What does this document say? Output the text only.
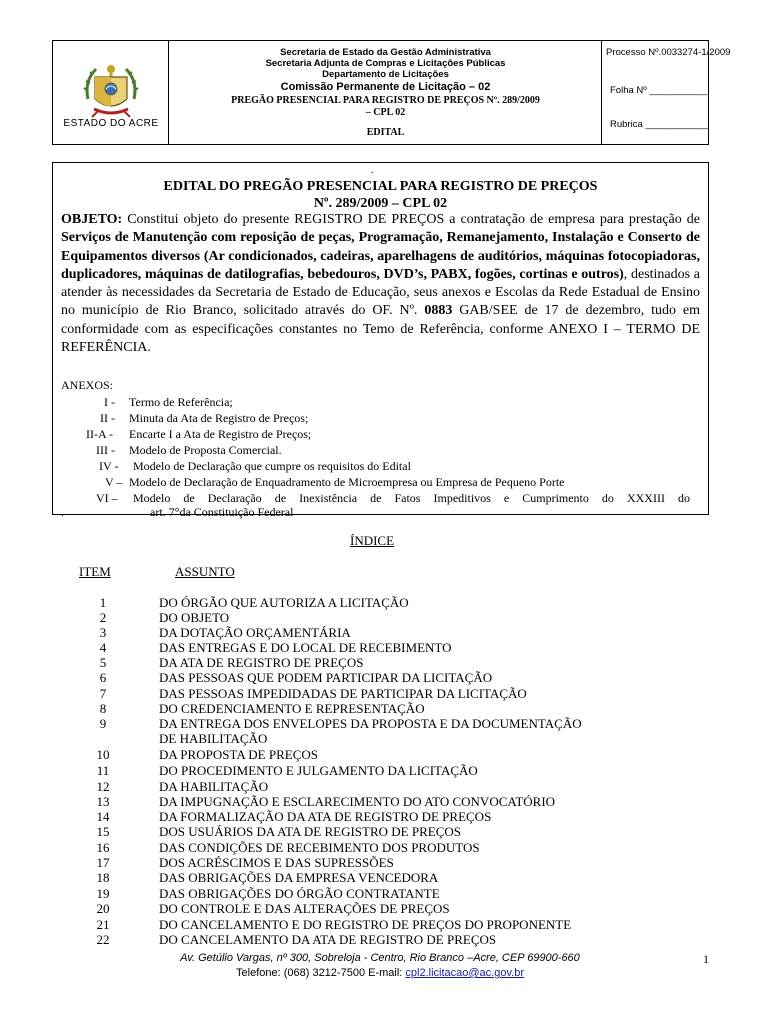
ESTADO DO ACRE
Secretaria de Estado da Gestão Administrativa
Secretaria Adjunta de Compras e Licitações Públicas
Departamento de Licitações
Comissão Permanente de Licitação – 02
PREGÃO PRESENCIAL PARA REGISTRO DE PREÇOS Nº. 289/2009
– CPL 02
EDITAL
Processo Nº.0033274-1/2009
Folha Nº ___________
Rubrica ____________
.
EDITAL DO PREGÃO PRESENCIAL PARA REGISTRO DE PREÇOS
Nº. 289/2009 – CPL 02
OBJETO: Constitui objeto do presente REGISTRO DE PREÇOS a contratação de empresa para prestação de Serviços de Manutenção com reposição de peças, Programação, Remanejamento, Instalação e Conserto de Equipamentos diversos (Ar condicionados, cadeiras, aparelhagens de auditórios, máquinas fotocopiadoras, duplicadores, máquinas de datilografias, bebedouros, DVD’s, PABX, fogões, cortinas e outros), destinados a atender às necessidades da Secretaria de Estado de Educação, seus anexos e Escolas da Rede Estadual de Ensino no município de Rio Branco, solicitado através do OF. Nº. 0883 GAB/SEE de 17 de dezembro, tudo em conformidade com as especificações constantes no Temo de Referência, conforme ANEXO I – TERMO DE REFERÊNCIA.
ANEXOS:
I - Termo de Referência;
II - Minuta da Ata de Registro de Preços;
II-A - Encarte I a Ata de Registro de Preços;
III - Modelo de Proposta Comercial.
IV - Modelo de Declaração que cumpre os requisitos do Edital
V – Modelo de Declaração de Enquadramento de Microempresa ou Empresa de Pequeno Porte
VI – Modelo de Declaração de Inexistência de Fatos Impeditivos e Cumprimento do XXXIII do
.	art. 7°da Constituição Federal
ÍNDICE
ITEM	ASSUNTO
1	DO ÓRGÃO QUE AUTORIZA A LICITAÇÃO
2	DO OBJETO
3	DA DOTAÇÃO ORÇAMENTÁRIA
4	DAS ENTREGAS E DO LOCAL DE RECEBIMENTO
5	DA ATA DE REGISTRO DE PREÇOS
6	DAS PESSOAS QUE PODEM PARTICIPAR DA LICITAÇÃO
7	DAS PESSOAS IMPEDIDADAS DE PARTICIPAR DA LICITAÇÃO
8	DO CREDENCIAMENTO E REPRESENTAÇÃO
9	DA ENTREGA DOS ENVELOPES DA PROPOSTA E DA DOCUMENTAÇÃO
DE HABILITAÇÃO
10	DA PROPOSTA DE PREÇOS
11	DO PROCEDIMENTO E JULGAMENTO DA LICITAÇÃO
12	DA HABILITAÇÃO
13	DA IMPUGNAÇÃO E ESCLARECIMENTO DO ATO CONVOCATÓRIO
14	DA FORMALIZAÇÃO DA ATA DE REGISTRO DE PREÇOS
15	DOS USUÁRIOS DA ATA DE REGISTRO DE PREÇOS
16	DAS CONDIÇÕES DE RECEBIMENTO DOS PRODUTOS
17	DOS ACRÉSCIMOS E DAS SUPRESSÕES
18	DAS OBRIGAÇÕES DA EMPRESA VENCEDORA
19	DAS OBRIGAÇÕES DO ÓRGÃO CONTRATANTE
20	DO CONTROLE E DAS ALTERAÇÕES DE PREÇOS
21	DO CANCELAMENTO E DO REGISTRO DE PREÇOS DO PROPONENTE
22	DO CANCELAMENTO DA ATA DE REGISTRO DE PREÇOS
Av. Getúlio Vargas, nº 300, Sobreloja - Centro, Rio Branco –Acre, CEP 69900-660
Telefone: (068) 3212-7500 E-mail: cpl2.licitacao@ac.gov.br
1
